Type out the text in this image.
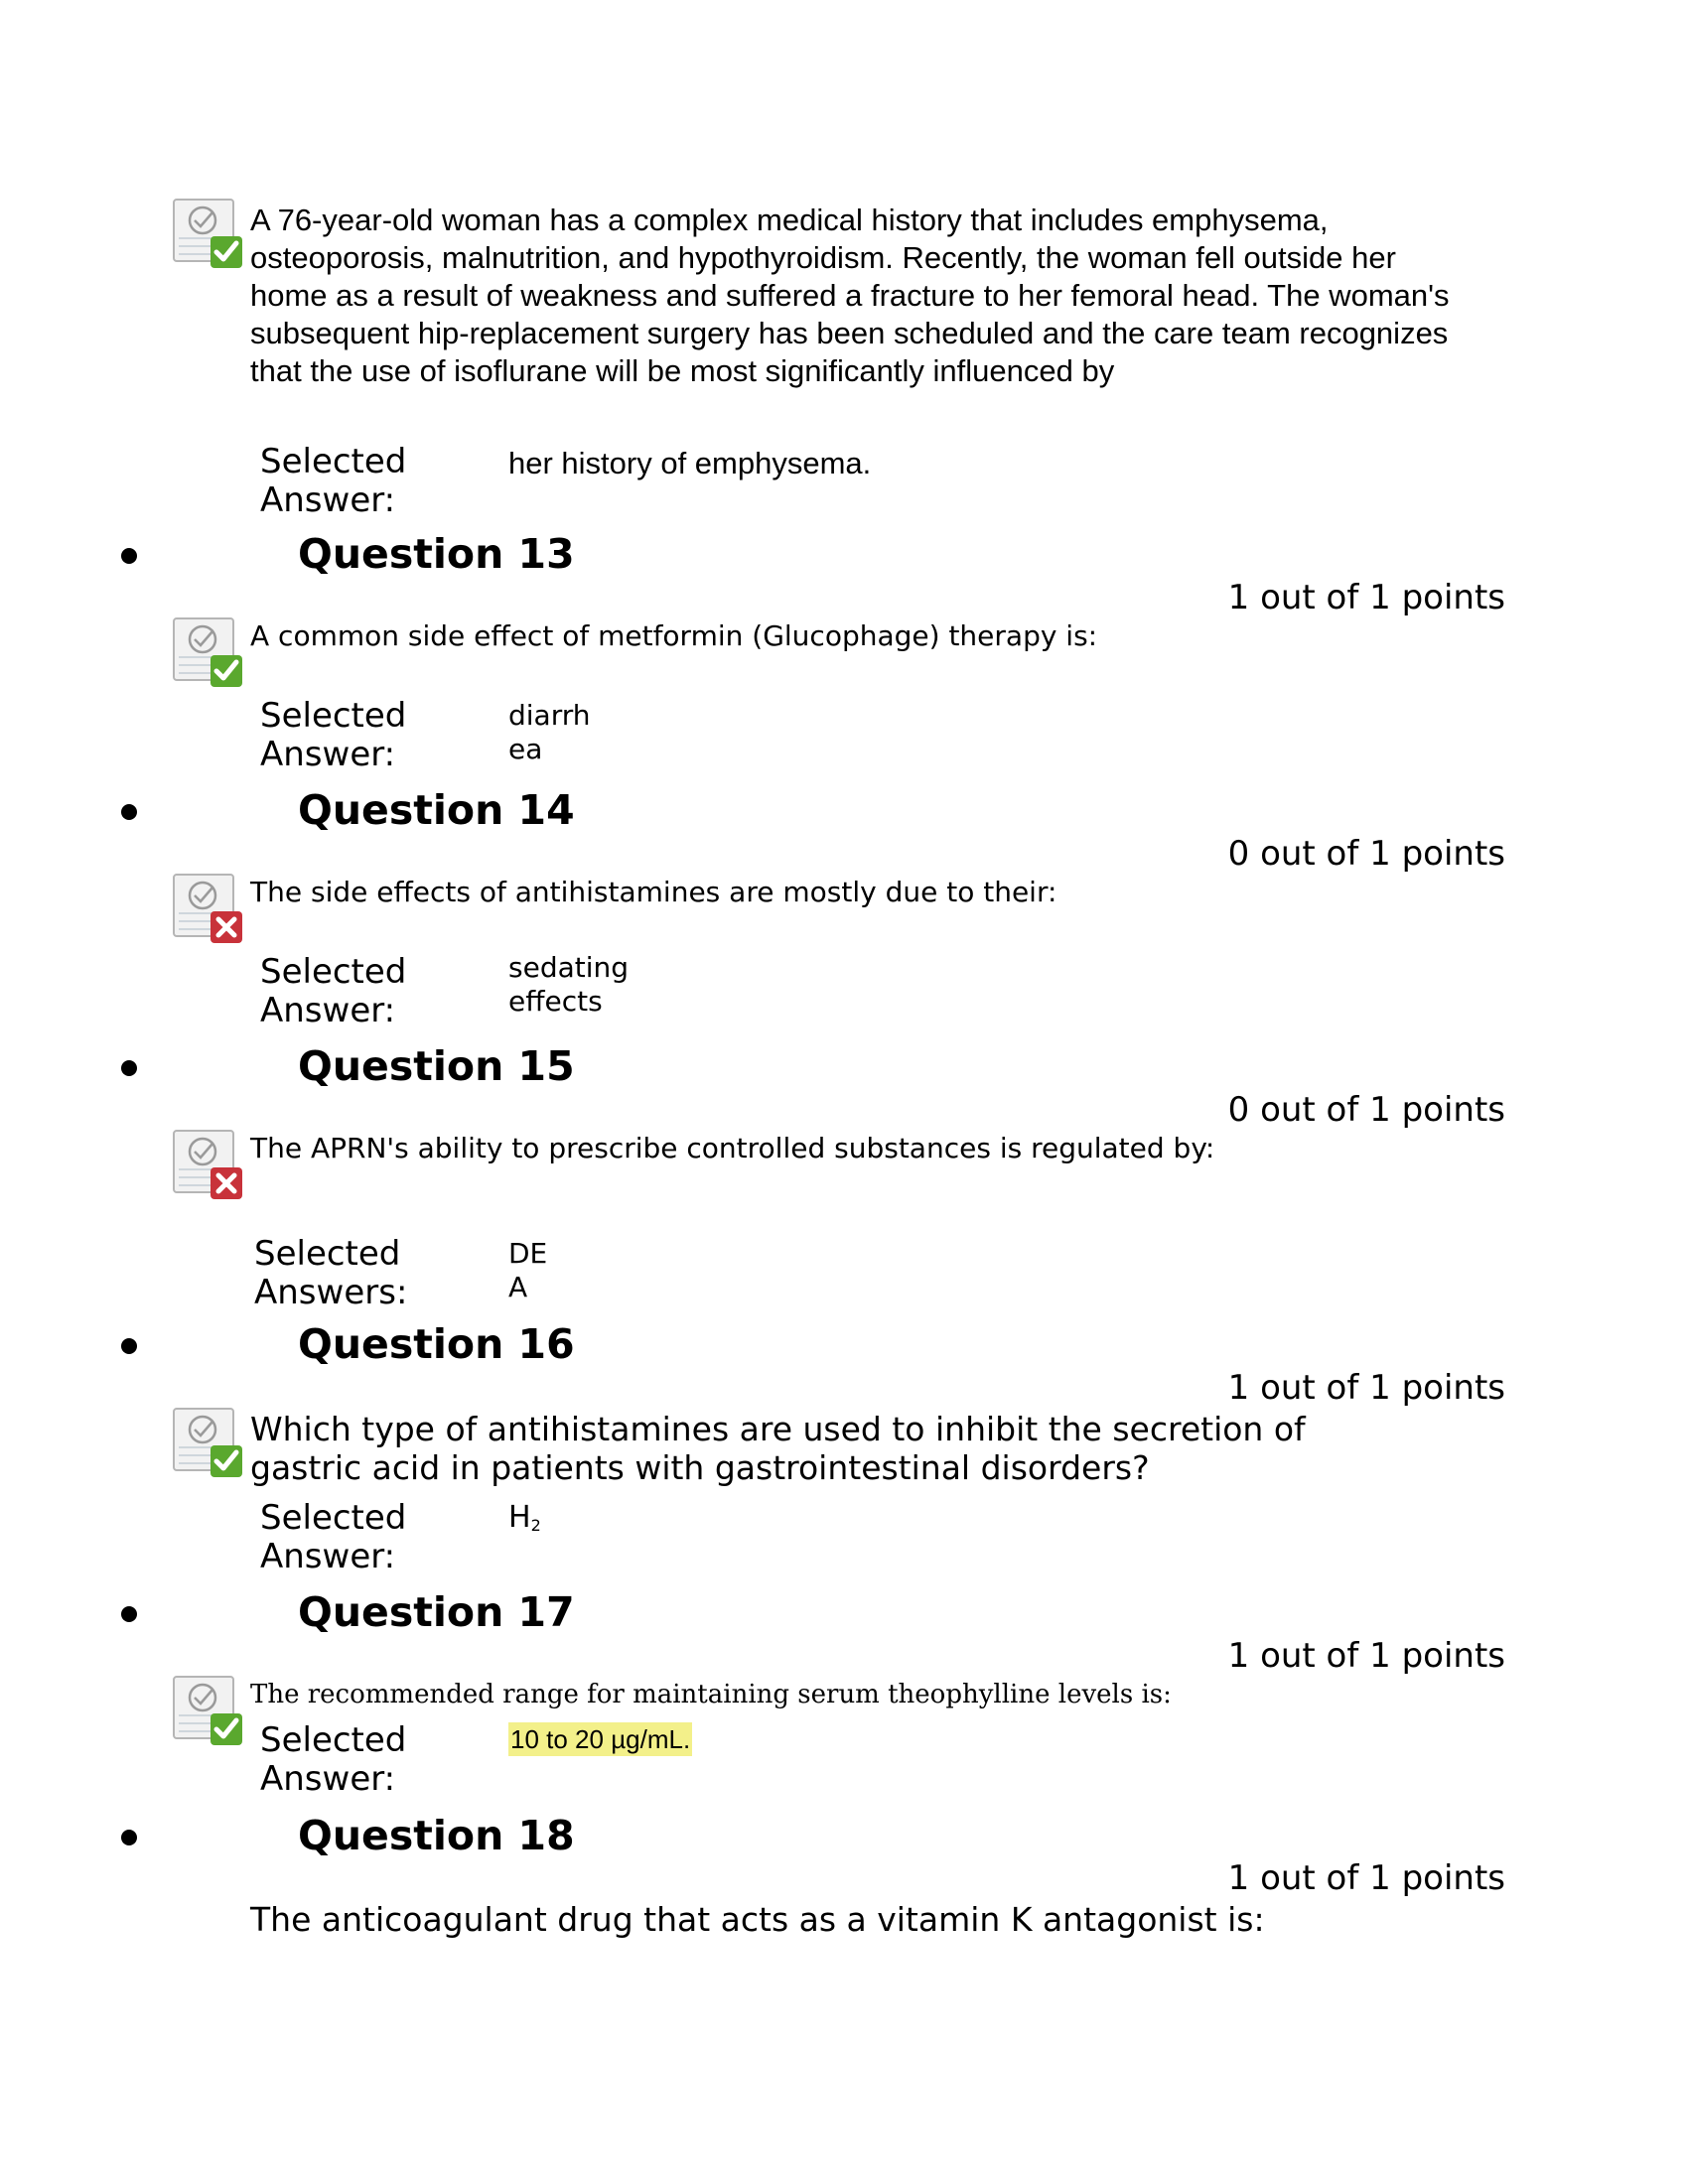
A 76-year-old woman has a complex medical history that includes emphysema, osteoporosis, malnutrition, and hypothyroidism. Recently, the woman fell outside her home as a result of weakness and suffered a fracture to her femoral head. The woman's subsequent hip-replacement surgery has been scheduled and the care team recognizes that the use of isoflurane will be most significantly influenced by
Selected Answer:
her history of emphysema.
Question 13
1 out of 1 points
A common side effect of metformin (Glucophage) therapy is:
Selected Answer:
diarrhea
Question 14
0 out of 1 points
The side effects of antihistamines are mostly due to their:
Selected Answer:
sedating effects
Question 15
0 out of 1 points
The APRN's ability to prescribe controlled substances is regulated by:
Selected Answers:
DEA
Question 16
1 out of 1 points
Which type of antihistamines are used to inhibit the secretion of gastric acid in patients with gastrointestinal disorders?
Selected Answer:
$H_2$
Question 17
1 out of 1 points
The recommended range for maintaining serum theophylline levels is:
Selected Answer:
10 to 20 µg/mL.
Question 18
1 out of 1 points
The anticoagulant drug that acts as a vitamin K antagonist is:
